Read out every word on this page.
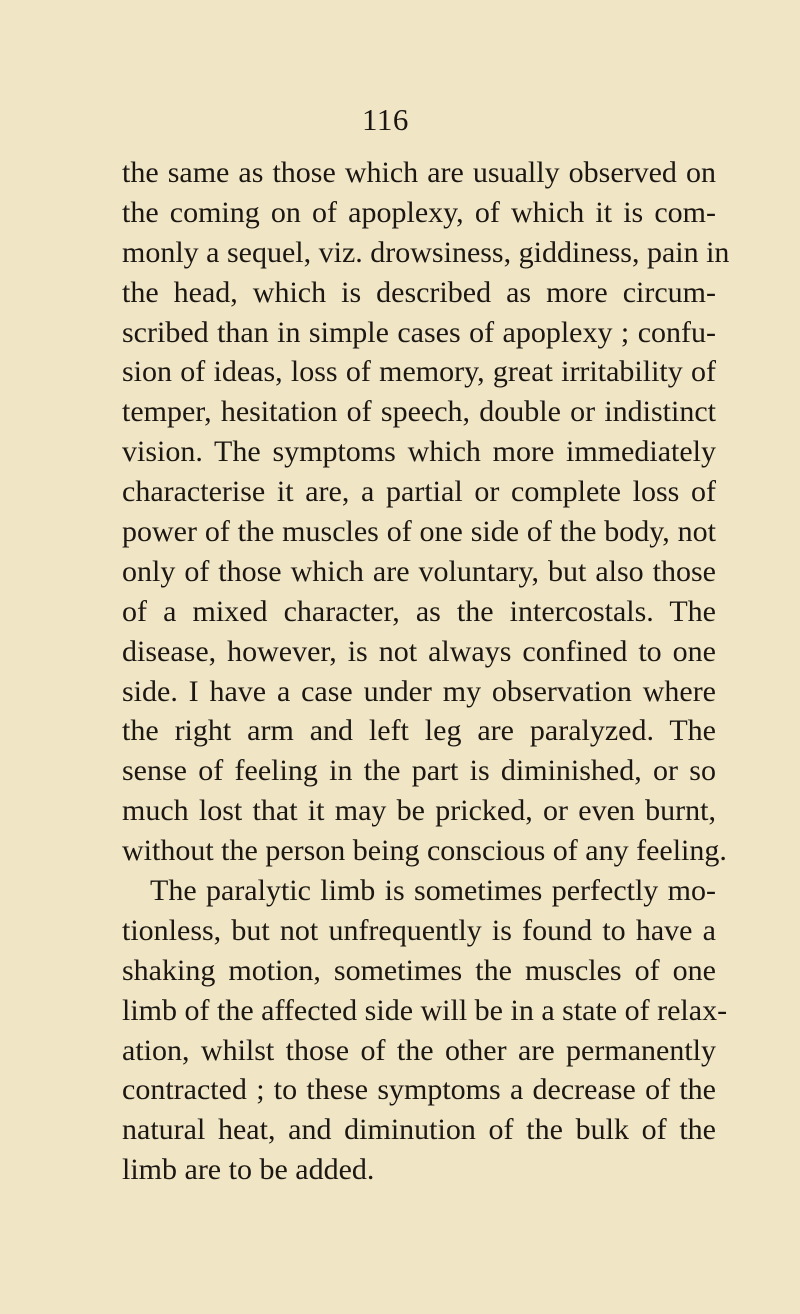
116
the same as those which are usually observed on
the coming on of apoplexy, of which it is com-
monly a sequel, viz. drowsiness, giddiness, pain in
the head, which is described as more circum-
scribed than in simple cases of apoplexy ; confu-
sion of ideas, loss of memory, great irritability of
temper, hesitation of speech, double or indistinct
vision. The symptoms which more immediately
characterise it are, a partial or complete loss of
power of the muscles of one side of the body, not
only of those which are voluntary, but also those
of a mixed character, as the intercostals. The
disease, however, is not always confined to one
side. I have a case under my observation where
the right arm and left leg are paralyzed. The
sense of feeling in the part is diminished, or so
much lost that it may be pricked, or even burnt,
without the person being conscious of any feeling.
The paralytic limb is sometimes perfectly mo-
tionless, but not unfrequently is found to have a
shaking motion, sometimes the muscles of one
limb of the affected side will be in a state of relax-
ation, whilst those of the other are permanently
contracted ; to these symptoms a decrease of the
natural heat, and diminution of the bulk of the
limb are to be added.
